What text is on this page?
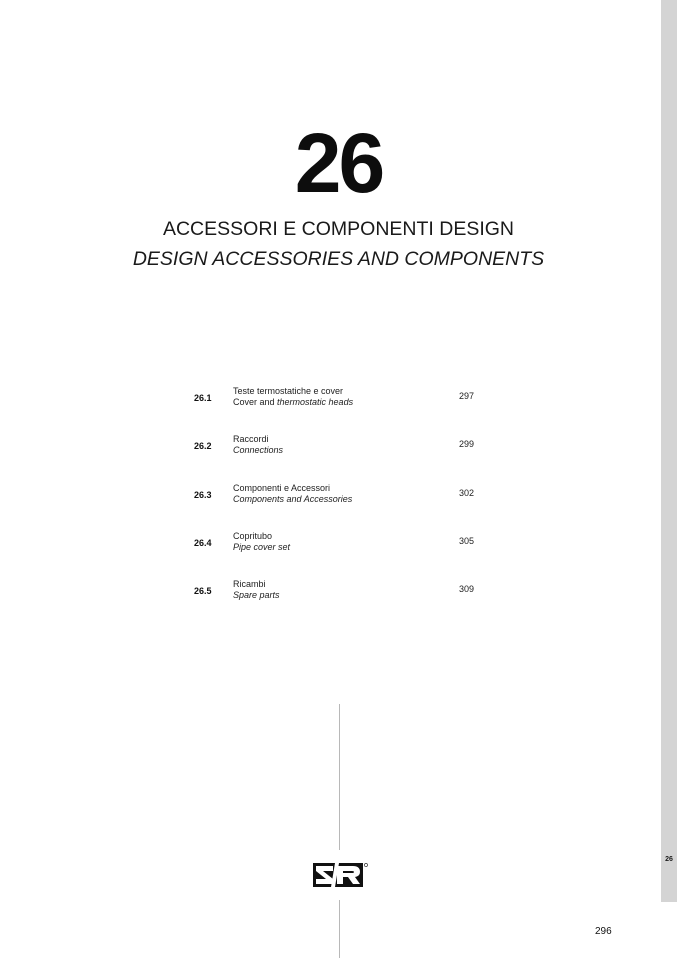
26
26
ACCESSORI E COMPONENTI DESIGN
DESIGN ACCESSORIES AND COMPONENTS
26.1
Teste termostatiche e cover
Cover and thermostatic heads
297
26.2
Raccordi
Connections
299
26.3
Componenti e Accessori
Components and Accessories
302
26.4
Copritubo
Pipe cover set
305
26.5
Ricambi
Spare parts
309
296
